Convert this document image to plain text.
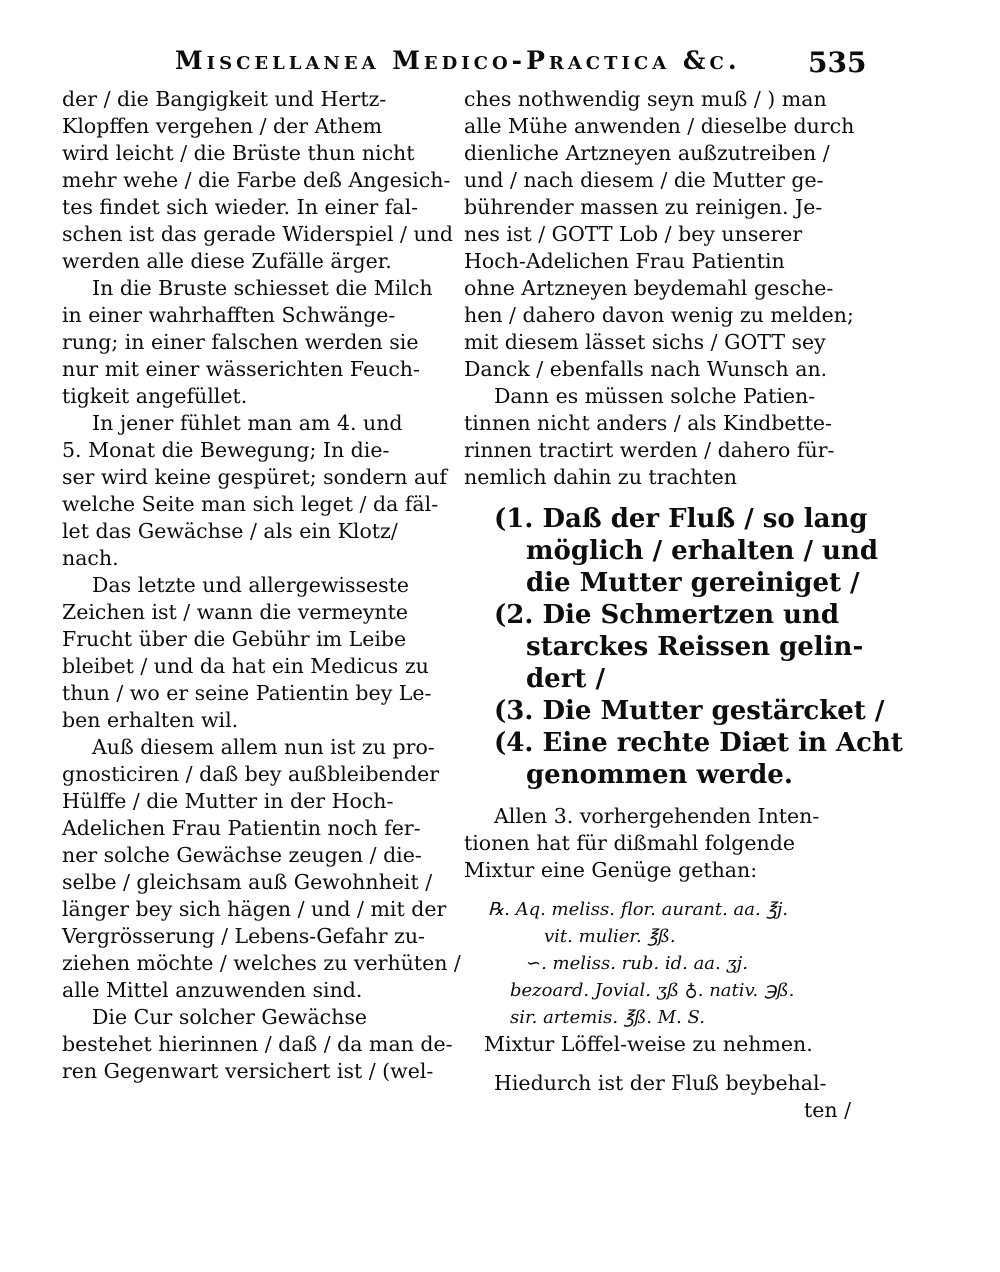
Miscellanea Medico-Practica &c. 535
der / die Bangigkeit und Hertz-
Klopffen vergehen / der Athem
wird leicht / die Brüste thun nicht
mehr wehe / die Farbe deß Angesich-
tes findet sich wieder. In einer fal-
schen ist das gerade Widerspiel / und
werden alle diese Zufälle ärger.
In die Bruste schiesset die Milch
in einer wahrhafften Schwänge-
rung; in einer falschen werden sie
nur mit einer wässerichten Feuch-
tigkeit angefüllet.
In jener fühlet man am 4. und
5. Monat die Bewegung; In die-
ser wird keine gespüret; sondern auf
welche Seite man sich leget / da fäl-
let das Gewächse / als ein Klotz/
nach.
Das letzte und allergewisseste
Zeichen ist / wann die vermeynte
Frucht über die Gebühr im Leibe
bleibet / und da hat ein Medicus zu
thun / wo er seine Patientin bey Le-
ben erhalten wil.
Auß diesem allem nun ist zu pro-
gnosticiren / daß bey außbleibender
Hülffe / die Mutter in der Hoch-
Adelichen Frau Patientin noch fer-
ner solche Gewächse zeugen / die-
selbe / gleichsam auß Gewohnheit /
länger bey sich hägen / und / mit der
Vergrösserung / Lebens-Gefahr zu-
ziehen möchte / welches zu verhüten /
alle Mittel anzuwenden sind.
Die Cur solcher Gewächse
bestehet hierinnen / daß / da man de-
ren Gegenwart versichert ist / (wel-
ches nothwendig seyn muß / ) man
alle Mühe anwenden / dieselbe durch
dienliche Artzneyen außzutreiben /
und / nach diesem / die Mutter ge-
bührender massen zu reinigen. Je-
nes ist / GOTT Lob / bey unserer
Hoch-Adelichen Frau Patientin
ohne Artzneyen beydemahl gesche-
hen / dahero davon wenig zu melden;
mit diesem lässet sichs / GOTT sey
Danck / ebenfalls nach Wunsch an.
Dann es müssen solche Patien-
tinnen nicht anders / als Kindbette-
rinnen tractirt werden / dahero für-
nemlich dahin zu trachten
(1. Daß der Fluß / so lang
möglich / erhalten / und
die Mutter gereiniget /
(2. Die Schmertzen und
starckes Reissen gelin-
dert /
(3. Die Mutter gestärcket /
(4. Eine rechte Diæt in Acht
genommen werde.
Allen 3. vorhergehenden Inten-
tionen hat für dißmahl folgende
Mixtur eine Genüge gethan:
℞. Aq. meliss. flor. aurant. aa. ℥j.
vit. mulier. ℥ß.
∽. meliss. rub. id. aa. ʒj.
bezoard. Jovial. ʒß ♁. nativ. ℈ß.
sir. artemis. ℥ß. M. S.
Mixtur Löffel-weise zu nehmen.
Hiedurch ist der Fluß beybehal-
ten /
